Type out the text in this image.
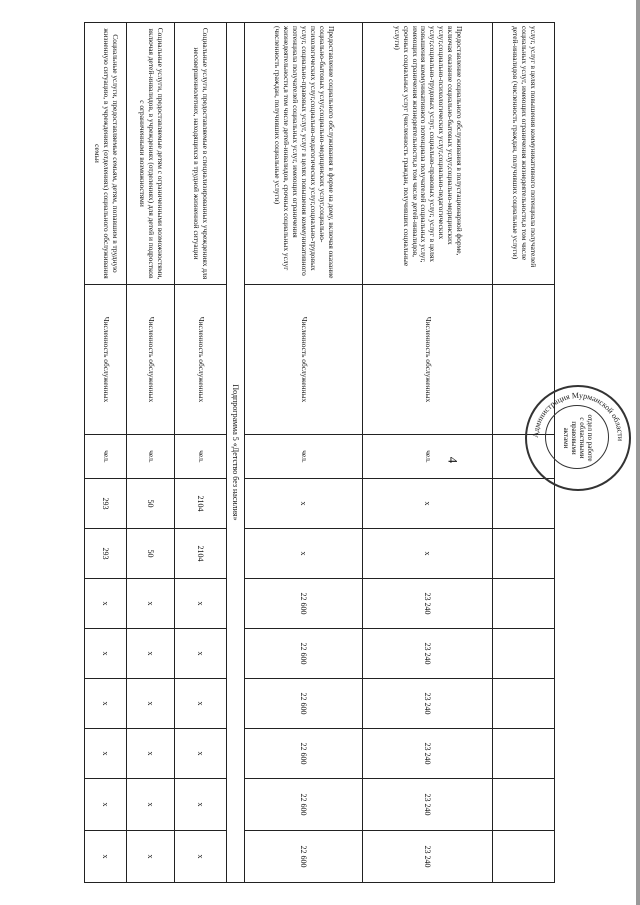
4
услуг, услуг в целях повышения коммуникативного потенциала получателей социальных услуг, имеющих ограничения жизнедеятельности,в том числе детей-инвалидов (численность граждан, получивших социальные услуги)										
Предоставление социального обслуживания в полустационарной форме, включая оказание социально-бытовых услуг,социально-медицинских услуг,социально-психологических услуг,социально-педагогических услуг,социально-трудовых услуг, социально-правовых услуг, услуг в целях повышения коммуникативного потенциала получателей социальных услуг, имеющих ограничения жизнедеятельности,в том числе детей-инвалидов, срочных социальных услуг (численность граждан, получивших социальные услуги)	Численность обслуженных	чел.	х	х	23 240	23 240	23 240	23 240	23 240	23 240
Предоставление социального обслуживания в форме на дому, включая оказание социально-бытовых услуг,социально-медицинских услуг,социально-психологических услуг,социально-педагогических услуг,социально-трудовых услуг, социально-правовых услуг, услуг в целях повышения коммуникативного потенциала получателей социальных услуг, имеющих ограничения жизнедеятельности,в том числе детей-инвалидов, срочных социальных услуг (численность граждан, получивших социальные услуги)	Численность обслуженных	чел.	х	х	22 600	22 600	22 600	22 600	22 600	22 600
Подпрограмма 5 «Детство без насилия»										
Социальные услуги, предоставляемые в специализированных учреждениях для несовершеннолетних, находящихся в трудной жизненной ситуации	Численность обслуженных	чел.	2104	2104	х	х	х	х	х	х
Социальные услуги, предоставляемые детям с ограниченными возможностями, включая детей-инвалидов, в учреждениях (отделениях) для детей и подростков с ограниченными возможностями	Численность обслуженных	чел.	50	50	х	х	х	х	х	х
Социальные услуги, предоставляемые семьям, детям, попавшим в трудную жизненную ситуацию, в учреждениях (отделениях) социального обслуживания семьи	Численность обслуженных	чел.	293	293	х	х	х	х	х	х
Администрация Мурманской области
отдел по работе
с областными
правовыми
актами
